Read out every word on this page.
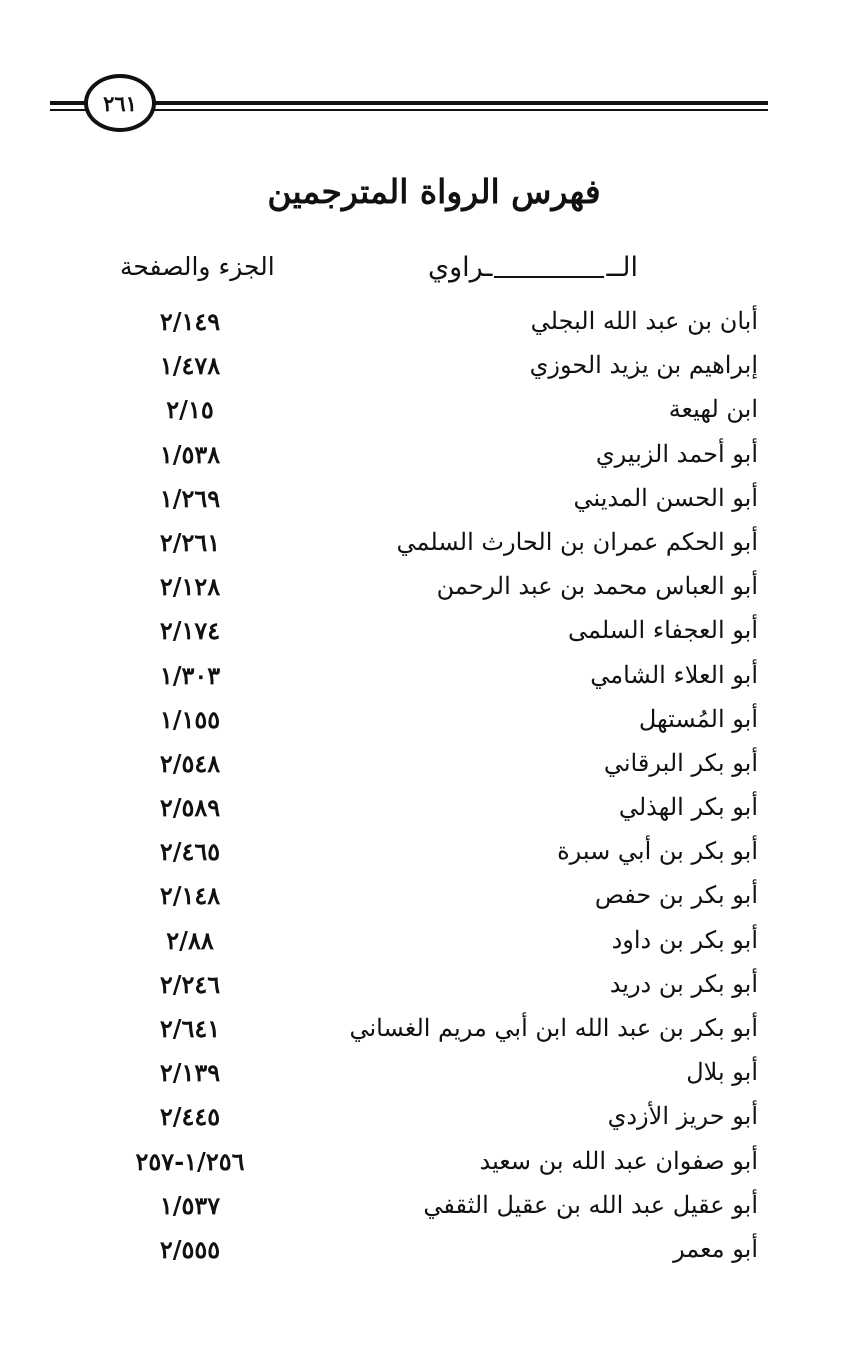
٢٦١
فهرس الرواة المترجمين
الـــراوي
الجزء والصفحة
أبان بن عبد الله البجلي
٢/١٤٩
إبراهيم بن يزيد الحوزي
١/٤٧٨
ابن لهيعة
٢/١٥
أبو أحمد الزبيري
١/٥٣٨
أبو الحسن المديني
١/٢٦٩
أبو الحكم عمران بن الحارث السلمي
٢/٢٦١
أبو العباس محمد بن عبد الرحمن
٢/١٢٨
أبو العجفاء السلمى
٢/١٧٤
أبو العلاء الشامي
١/٣٠٣
أبو المُستهل
١/١٥٥
أبو بكر البرقاني
٢/٥٤٨
أبو بكر الهذلي
٢/٥٨٩
أبو بكر بن أبي سبرة
٢/٤٦٥
أبو بكر بن حفص
٢/١٤٨
أبو بكر بن داود
٢/٨٨
أبو بكر بن دريد
٢/٢٤٦
أبو بكر بن عبد الله ابن أبي مريم الغساني
٢/٦٤١
أبو بلال
٢/١٣٩
أبو حريز الأزدي
٢/٤٤٥
أبو صفوان عبد الله بن سعيد
١/٢٥٦-٢٥٧
أبو عقيل عبد الله بن عقيل الثقفي
١/٥٣٧
أبو معمر
٢/٥٥٥
